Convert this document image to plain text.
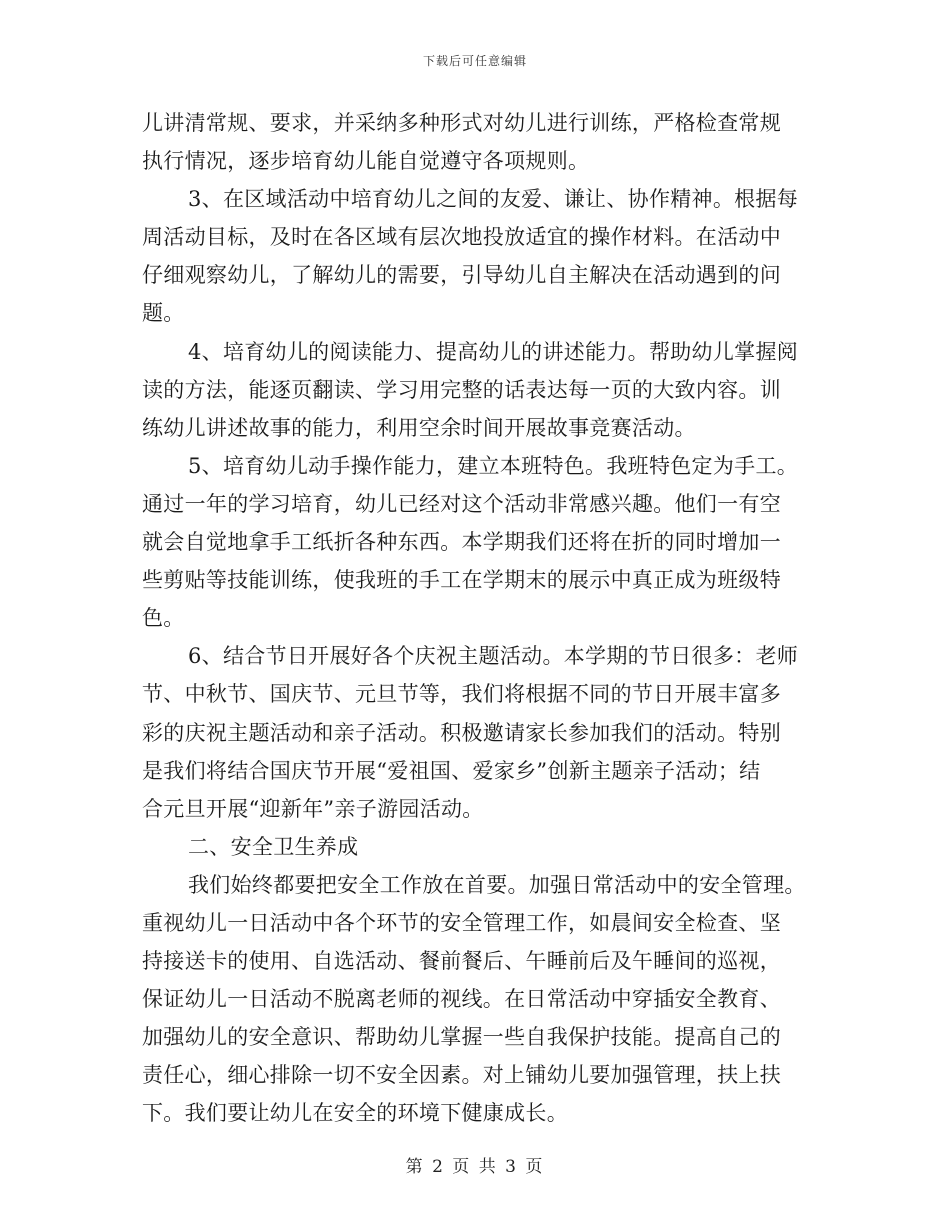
下载后可任意编辑
儿讲清常规、要求，并采纳多种形式对幼儿进行训练，严格检查常规
执行情况，逐步培育幼儿能自觉遵守各项规则。
3、在区域活动中培育幼儿之间的友爱、谦让、协作精神。根据每
周活动目标，及时在各区域有层次地投放适宜的操作材料。在活动中
仔细观察幼儿，了解幼儿的需要，引导幼儿自主解决在活动遇到的问
题。
4、培育幼儿的阅读能力、提高幼儿的讲述能力。帮助幼儿掌握阅
读的方法，能逐页翻读、学习用完整的话表达每一页的大致内容。训
练幼儿讲述故事的能力，利用空余时间开展故事竞赛活动。
5、培育幼儿动手操作能力，建立本班特色。我班特色定为手工。
通过一年的学习培育，幼儿已经对这个活动非常感兴趣。他们一有空
就会自觉地拿手工纸折各种东西。本学期我们还将在折的同时增加一
些剪贴等技能训练，使我班的手工在学期末的展示中真正成为班级特
色。
6、结合节日开展好各个庆祝主题活动。本学期的节日很多：老师
节、中秋节、国庆节、元旦节等，我们将根据不同的节日开展丰富多
彩的庆祝主题活动和亲子活动。积极邀请家长参加我们的活动。特别
是我们将结合国庆节开展“爱祖国、爱家乡”创新主题亲子活动；结
合元旦开展“迎新年”亲子游园活动。
二、安全卫生养成
我们始终都要把安全工作放在首要。加强日常活动中的安全管理。
重视幼儿一日活动中各个环节的安全管理工作，如晨间安全检查、坚
持接送卡的使用、自选活动、餐前餐后、午睡前后及午睡间的巡视，
保证幼儿一日活动不脱离老师的视线。在日常活动中穿插安全教育、
加强幼儿的安全意识、帮助幼儿掌握一些自我保护技能。提高自己的
责任心，细心排除一切不安全因素。对上铺幼儿要加强管理，扶上扶
下。我们要让幼儿在安全的环境下健康成长。
第 2 页 共 3 页
